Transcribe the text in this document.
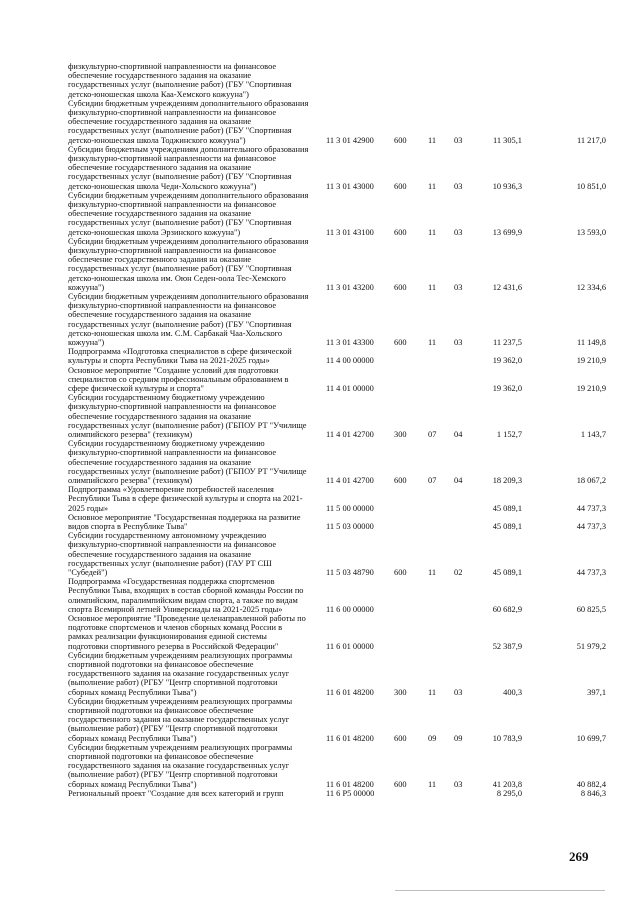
физкультурно-спортивной направленности на финансовое
обеспечение государственного задания на оказание
государственных услуг (выполнение работ) (ГБУ "Спортивная
детско-юношеская школа Каа-Хемского кожууна")
Субсидии бюджетным учреждениям дополнительного образования
физкультурно-спортивной направленности на финансовое
обеспечение государственного задания на оказание
государственных услуг (выполнение работ) (ГБУ "Спортивная
детско-юношеская школа Тоджинского кожууна")	11 3 01 42900 600	11 03	11 305,1	11 217,0
Субсидии бюджетным учреждениям дополнительного образования
физкультурно-спортивной направленности на финансовое
обеспечение государственного задания на оказание
государственных услуг (выполнение работ) (ГБУ "Спортивная
детско-юношеская школа Чеди-Хольского кожууна")	11 3 01 43000 600	11 03	10 936,3	10 851,0
Субсидии бюджетным учреждениям дополнительного образования
физкультурно-спортивной направленности на финансовое
обеспечение государственного задания на оказание
государственных услуг (выполнение работ) (ГБУ "Спортивная
детско-юношеская школа Эрзинского кожууна")	11 3 01 43100 600	11 03	13 699,9	13 593,0
Субсидии бюджетным учреждениям дополнительного образования
физкультурно-спортивной направленности на финансовое
обеспечение государственного задания на оказание
государственных услуг (выполнение работ) (ГБУ "Спортивная
детско-юношеская школа им. Оюн Седен-оола Тес-Хемского
кожууна")	11 3 01 43200 600	11 03	12 431,6	12 334,6
Субсидии бюджетным учреждениям дополнительного образования
физкультурно-спортивной направленности на финансовое
обеспечение государственного задания на оказание
государственных услуг (выполнение работ) (ГБУ "Спортивная
детско-юношеская школа им. С.М. Сарбакай Чаа-Хольского
кожууна")	11 3 01 43300 600	11 03	11 237,5	11 149,8
Подпрограмма «Подготовка специалистов в сфере физической
культуры и спорта Республики Тыва на 2021-2025 годы»	11 4 00 00000	19 362,0	19 210,9
Основное мероприятие "Создание условий для подготовки
специалистов со средним профессиональным образованием в
сфере физической культуры и спорта"	11 4 01 00000	19 362,0	19 210,9
Субсидии государственному бюджетному учреждению
физкультурно-спортивной направленности на финансовое
обеспечение государственного задания на оказание
государственных услуг (выполнение работ) (ГБПОУ РТ "Училище
олимпийского резерва" (техникум)	11 4 01 42700 300	07 04	1 152,7	1 143,7
Субсидии государственному бюджетному учреждению
физкультурно-спортивной направленности на финансовое
обеспечение государственного задания на оказание
государственных услуг (выполнение работ) (ГБПОУ РТ "Училище
олимпийского резерва" (техникум)	11 4 01 42700 600	07 04	18 209,3	18 067,2
Подпрограмма «Удовлетворение потребностей населения
Республики Тыва в сфере физической культуры и спорта на 2021-
2025 годы»	11 5 00 00000	45 089,1	44 737,3
Основное мероприятие "Государственная поддержка на развитие
видов спорта в Республике Тыва"	11 5 03 00000	45 089,1	44 737,3
Субсидии государственному автономному учреждению
физкультурно-спортивной направленности на финансовое
обеспечение государственного задания на оказание
государственных услуг (выполнение работ) (ГАУ РТ СШ
"Субедей")	11 5 03 48790 600	11 02	45 089,1	44 737,3
Подпрограмма «Государственная поддержка спортсменов
Республики Тыва, входящих в состав сборной команды России по
олимпийским, паралимпийским видам спорта, а также по видам
спорта Всемирной летней Универсиады на 2021-2025 годы»	11 6 00 00000	60 682,9	60 825,5
Основное мероприятие "Проведение целенаправленной работы по
подготовке спортсменов и членов сборных команд России в
рамках реализации функционирования единой системы
подготовки спортивного резерва в Российской Федерации"	11 6 01 00000	52 387,9	51 979,2
Субсидии бюджетным учреждениям реализующих программы
спортивной подготовки на финансовое обеспечение
государственного задания на оказание государственных услуг
(выполнение работ) (РГБУ "Центр спортивной подготовки
сборных команд Республики Тыва")	11 6 01 48200 300	11 03	400,3	397,1
Субсидии бюджетным учреждениям реализующих программы
спортивной подготовки на финансовое обеспечение
государственного задания на оказание государственных услуг
(выполнение работ) (РГБУ "Центр спортивной подготовки
сборных команд Республики Тыва")	11 6 01 48200 600	09 09	10 783,9	10 699,7
Субсидии бюджетным учреждениям реализующих программы
спортивной подготовки на финансовое обеспечение
государственного задания на оказание государственных услуг
(выполнение работ) (РГБУ "Центр спортивной подготовки
сборных команд Республики Тыва")	11 6 01 48200 600	11 03	41 203,8	40 882,4
Региональный проект "Создание для всех категорий и групп	11 6 P5 00000	8 295,0	8 846,3
269
